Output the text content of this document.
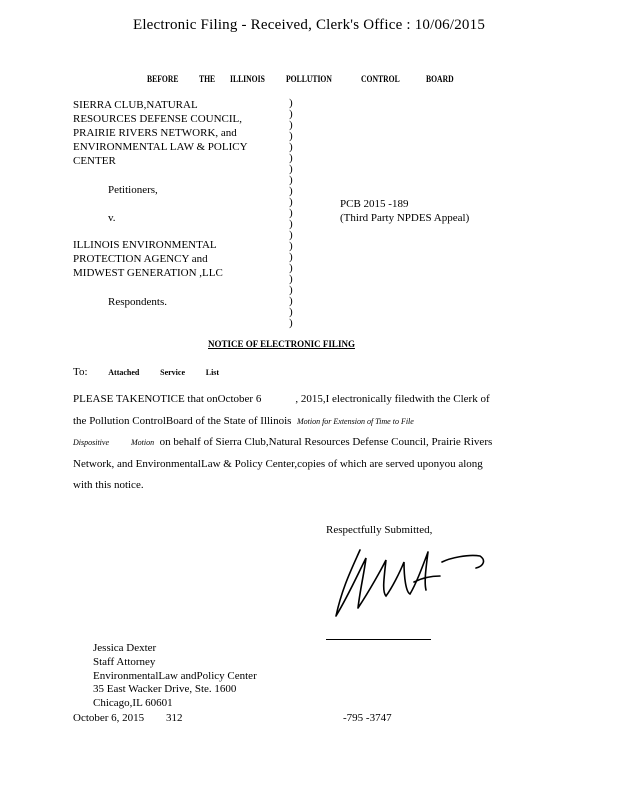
Electronic Filing - Received, Clerk's Office : 10/06/2015
BEFORE THE ILLINOIS POLLUTION	CONTROL	BOARD
SIERRA CLUB,NATURAL
RESOURCES DEFENSE COUNCIL,
PRAIRIE RIVERS NETWORK, and
ENVIRONMENTAL LAW & POLICY
CENTER
Petitioners,
v.
ILLINOIS ENVIRONMENTAL
PROTECTION AGENCY and
MIDWEST GENERATION ,LLC
Respondents.
)
)
)
)
)
)
)
)
)
)
)
)
)
)
)
)
)
)
)
)
)
PCB 2015 -189
(Third Party NPDES Appeal)
NOTICE OF ELECTRONIC FILING
To:	Attached	Service	List
PLEASE TAKENOTICE that onOctober 6	, 2015,I electronically filedwith the Clerk of
the Pollution ControlBoard of the State of Illinois Motion for Extension of Time to File
Dispositive	Motion on behalf of Sierra Club,Natural Resources Defense Council, Prairie Rivers
Network, and EnvironmentalLaw & Policy Center,copies of which are served uponyou along
with this notice.
Respectfully Submitted,
Jessica Dexter
Staff Attorney
EnvironmentalLaw andPolicy Center
35 East Wacker Drive, Ste. 1600
Chicago,IL 60601
October 6, 2015 312	-795 -3747
